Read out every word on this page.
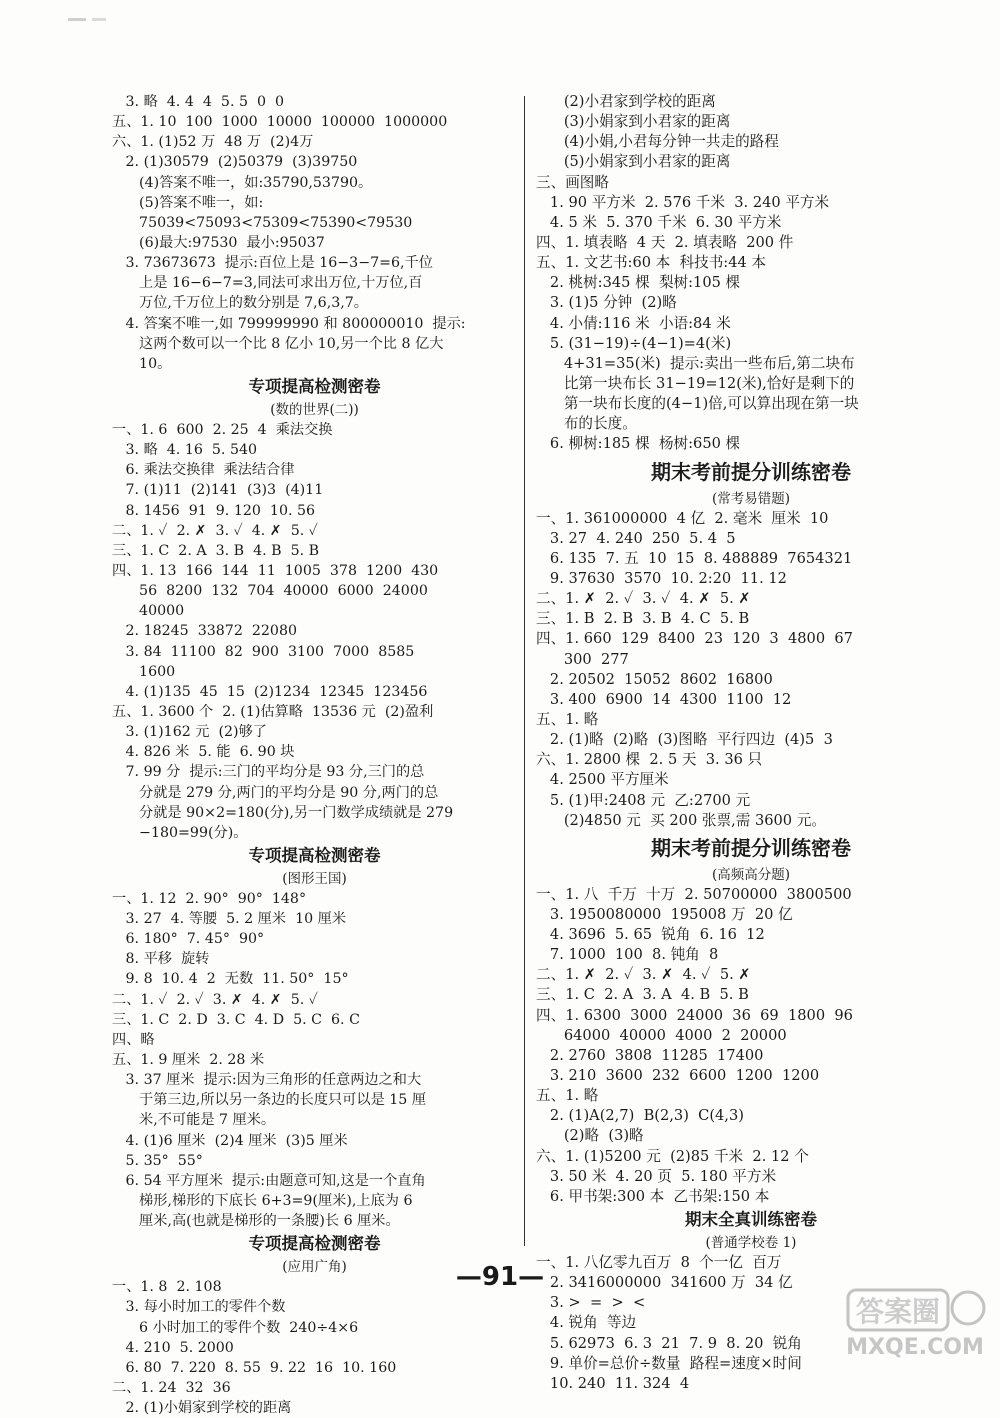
3. 略  4. 4  4  5. 5  0  0
五、1. 10  100  1000  10000  100000  1000000
六、1. (1)52 万  48 万  (2)4万
2. (1)30579  (2)50379  (3)39750
(4)答案不唯一，如:35790,53790。
(5)答案不唯一，如:
75039<75093<75309<75390<79530
(6)最大:97530  最小:95037
3. 73673673  提示:百位上是 16−3−7=6,千位
上是 16−6−7=3,同法可求出万位,十万位,百
万位,千万位上的数分别是 7,6,3,7。
4. 答案不唯一,如 799999990 和 800000010  提示:
这两个数可以一个比 8 亿小 10,另一个比 8 亿大
10。
专项提高检测密卷
(数的世界(二))
一、1. 6  600  2. 25  4  乘法交换
3. 略  4. 16  5. 540
6. 乘法交换律  乘法结合律
7. (1)11  (2)141  (3)3  (4)11
8. 1456  91  9. 120  10. 56
二、1. ✓  2. ✗  3. ✓  4. ✗  5. ✓
三、1. C  2. A  3. B  4. B  5. B
四、1. 13  166  144  11  1005  378  1200  430
56  8200  132  704  40000  6000  24000
40000
2. 18245  33872  22080
3. 84  11100  82  900  3100  7000  8585
1600
4. (1)135  45  15  (2)1234  12345  123456
五、1. 3600 个  2. (1)估算略  13536 元  (2)盈利
3. (1)162 元  (2)够了
4. 826 米  5. 能  6. 90 块
7. 99 分  提示:三门的平均分是 93 分,三门的总
分就是 279 分,两门的平均分是 90 分,两门的总
分就是 90×2=180(分),另一门数学成绩就是 279
−180=99(分)。
专项提高检测密卷
(图形王国)
一、1. 12  2. 90°  90°  148°
3. 27  4. 等腰  5. 2 厘米  10 厘米
6. 180°  7. 45°  90°
8. 平移  旋转
9. 8  10. 4  2  无数  11. 50°  15°
二、1. ✓  2. ✓  3. ✗  4. ✗  5. ✓
三、1. C  2. D  3. C  4. D  5. C  6. C
四、略
五、1. 9 厘米  2. 28 米
3. 37 厘米  提示:因为三角形的任意两边之和大
于第三边,所以另一条边的长度只可以是 15 厘
米,不可能是 7 厘米。
4. (1)6 厘米  (2)4 厘米  (3)5 厘米
5. 35°  55°
6. 54 平方厘米  提示:由题意可知,这是一个直角
梯形,梯形的下底长 6+3=9(厘米),上底为 6
厘米,高(也就是梯形的一条腰)长 6 厘米。
专项提高检测密卷
(应用广角)
一、1. 8  2. 108
3. 每小时加工的零件个数
6 小时加工的零件个数  240÷4×6
4. 210  5. 2000
6. 80  7. 220  8. 55  9. 22  16  10. 160
二、1. 24  32  36
2. (1)小娟家到学校的距离
(2)小君家到学校的距离
(3)小娟家到小君家的距离
(4)小娟,小君每分钟一共走的路程
(5)小娟家到小君家的距离
三、画图略
1. 90 平方米  2. 576 千米  3. 240 平方米
4. 5 米  5. 370 千米  6. 30 平方米
四、1. 填表略  4 天  2. 填表略  200 件
五、1. 文艺书:60 本  科技书:44 本
2. 桃树:345 棵  梨树:105 棵
3. (1)5 分钟  (2)略
4. 小倩:116 米  小语:84 米
5. (31−19)÷(4−1)=4(米)
4+31=35(米)  提示:卖出一些布后,第二块布
比第一块布长 31−19=12(米),恰好是剩下的
第一块布长度的(4−1)倍,可以算出现在第一块
布的长度。
6. 柳树:185 棵  杨树:650 棵
期末考前提分训练密卷
(常考易错题)
一、1. 361000000  4 亿  2. 毫米  厘米  10
3. 27  4. 240  250  5. 4  5
6. 135  7. 五  10  15  8. 488889  7654321
9. 37630  3570  10. 2:20  11. 12
二、1. ✗  2. ✓  3. ✓  4. ✗  5. ✗
三、1. B  2. B  3. B  4. C  5. B
四、1. 660  129  8400  23  120  3  4800  67
300  277
2. 20502  15052  8602  16800
3. 400  6900  14  4300  1100  12
五、1. 略
2. (1)略  (2)略  (3)图略  平行四边  (4)5  3
六、1. 2800 棵  2. 5 天  3. 36 只
4. 2500 平方厘米
5. (1)甲:2408 元  乙:2700 元
(2)4850 元  买 200 张票,需 3600 元。
期末考前提分训练密卷
(高频高分题)
一、1. 八  千万  十万  2. 50700000  3800500
3. 1950080000  195008 万  20 亿
4. 3696  5. 65  锐角  6. 16  12
7. 1000  100  8. 钝角  8
二、1. ✗  2. ✓  3. ✗  4. ✓  5. ✗
三、1. C  2. A  3. A  4. B  5. B
四、1. 6300  3000  24000  36  69  1800  96
64000  40000  4000  2  20000
2. 2760  3808  11285  17400
3. 210  3600  232  6600  1200  1200
五、1. 略
2. (1)A(2,7)  B(2,3)  C(4,3)
(2)略  (3)略
六、1. (1)5200 元  (2)85 千米  2. 12 个
3. 50 米  4. 20 页  5. 180 平方米
6. 甲书架:300 本  乙书架:150 本
期末全真训练密卷
(普通学校卷 1)
一、1. 八亿零九百万  8  个一亿  百万
2. 3416000000  341600 万  34 亿
3. >  =  >  <
4. 锐角  等边
5. 62973  6. 3  21  7. 9  8. 20  锐角
9. 单价=总价÷数量  路程=速度×时间
10. 240  11. 324  4
—91—
答案圈
MXQE.COM
